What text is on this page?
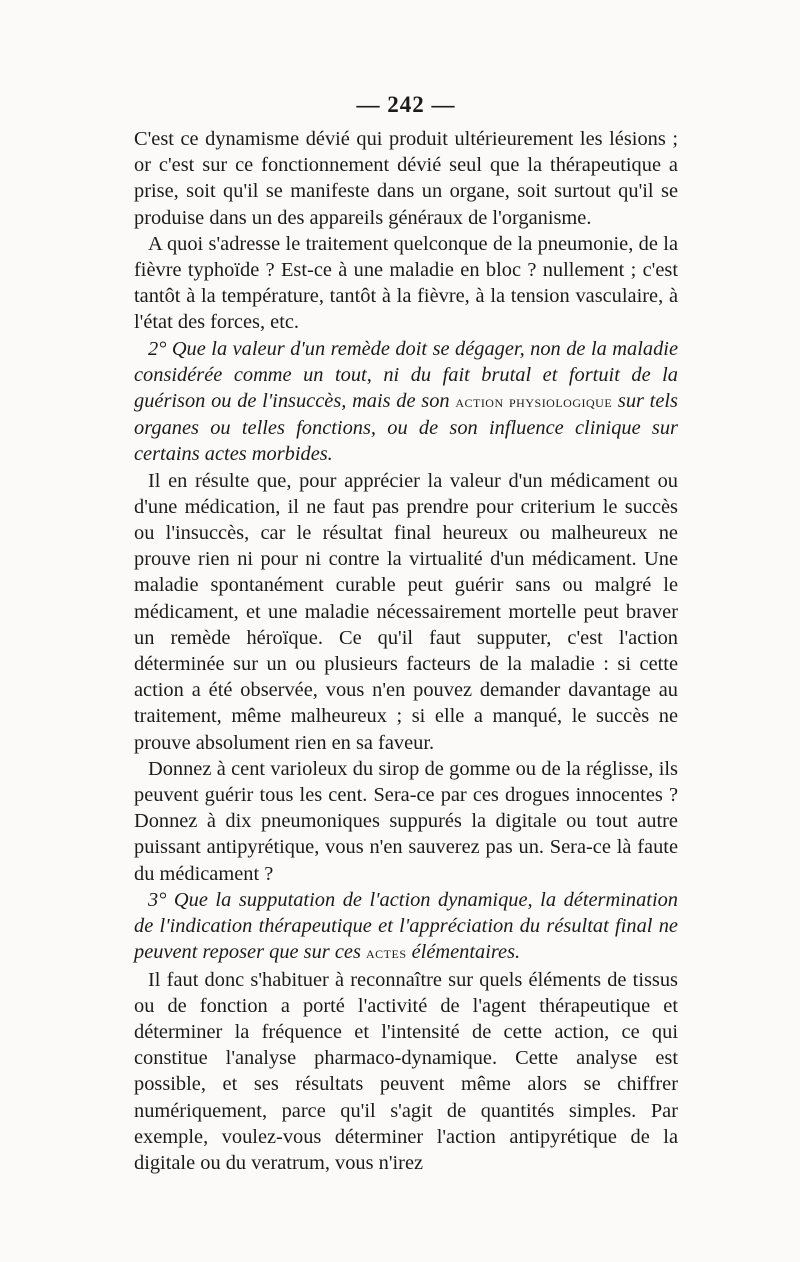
— 242 —

C'est ce dynamisme dévié qui produit ultérieurement les lésions ; or c'est sur ce fonctionnement dévié seul que la thérapeutique a prise, soit qu'il se manifeste dans un organe, soit surtout qu'il se produise dans un des appareils généraux de l'organisme.

A quoi s'adresse le traitement quelconque de la pneumonie, de la fièvre typhoïde ? Est-ce à une maladie en bloc ? nullement ; c'est tantôt à la température, tantôt à la fièvre, à la tension vasculaire, à l'état des forces, etc.

2° Que la valeur d'un remède doit se dégager, non de la maladie considérée comme un tout, ni du fait brutal et fortuit de la guérison ou de l'insuccès, mais de son action physiologique sur tels organes ou telles fonctions, ou de son influence clinique sur certains actes morbides.

Il en résulte que, pour apprécier la valeur d'un médicament ou d'une médication, il ne faut pas prendre pour criterium le succès ou l'insuccès, car le résultat final heureux ou malheureux ne prouve rien ni pour ni contre la virtualité d'un médicament. Une maladie spontanément curable peut guérir sans ou malgré le médicament, et une maladie nécessairement mortelle peut braver un remède héroïque. Ce qu'il faut supputer, c'est l'action déterminée sur un ou plusieurs facteurs de la maladie : si cette action a été observée, vous n'en pouvez demander davantage au traitement, même malheureux ; si elle a manqué, le succès ne prouve absolument rien en sa faveur.

Donnez à cent varioleux du sirop de gomme ou de la réglisse, ils peuvent guérir tous les cent. Sera-ce par ces drogues innocentes ? Donnez à dix pneumoniques suppurés la digitale ou tout autre puissant antipyrétique, vous n'en sauverez pas un. Sera-ce là faute du médicament ?

3° Que la supputation de l'action dynamique, la détermination de l'indication thérapeutique et l'appréciation du résultat final ne peuvent reposer que sur ces actes élémentaires.

Il faut donc s'habituer à reconnaître sur quels éléments de tissus ou de fonction a porté l'activité de l'agent thérapeutique et déterminer la fréquence et l'intensité de cette action, ce qui constitue l'analyse pharmaco-dynamique. Cette analyse est possible, et ses résultats peuvent même alors se chiffrer numériquement, parce qu'il s'agit de quantités simples. Par exemple, voulez-vous déterminer l'action antipyrétique de la digitale ou du veratrum, vous n'irez
